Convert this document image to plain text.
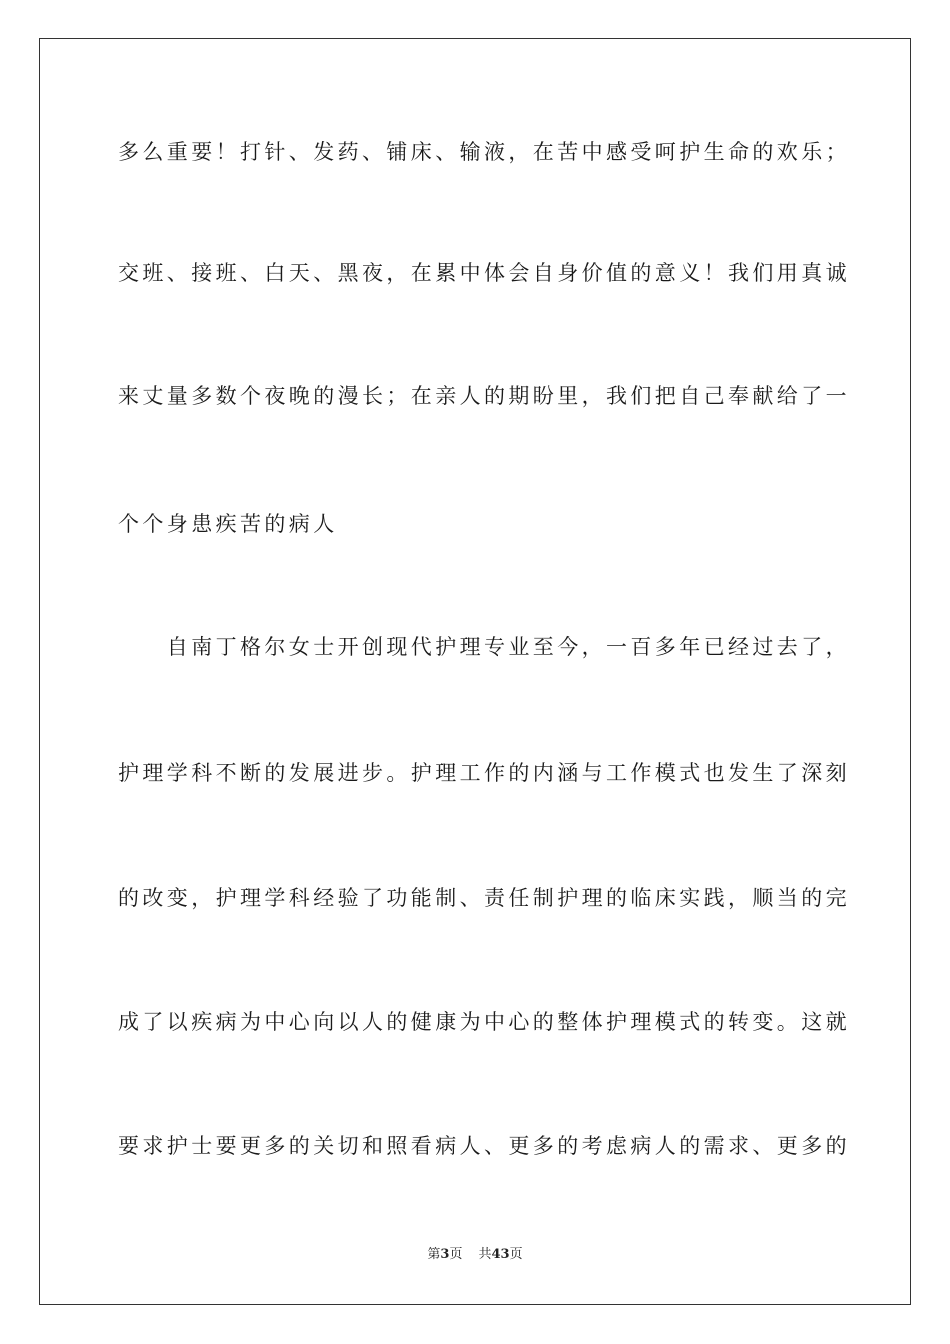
多么重要！打针、发药、铺床、输液，在苦中感受呵护生命的欢乐；
交班、接班、白天、黑夜，在累中体会自身价值的意义！我们用真诚
来丈量多数个夜晚的漫长；在亲人的期盼里，我们把自己奉献给了一
个个身患疾苦的病人
　　自南丁格尔女士开创现代护理专业至今，一百多年已经过去了，
护理学科不断的发展进步。护理工作的内涵与工作模式也发生了深刻
的改变，护理学科经验了功能制、责任制护理的临床实践，顺当的完
成了以疾病为中心向以人的健康为中心的整体护理模式的转变。这就
要求护士要更多的关切和照看病人、更多的考虑病人的需求、更多的
第3页 共43页
